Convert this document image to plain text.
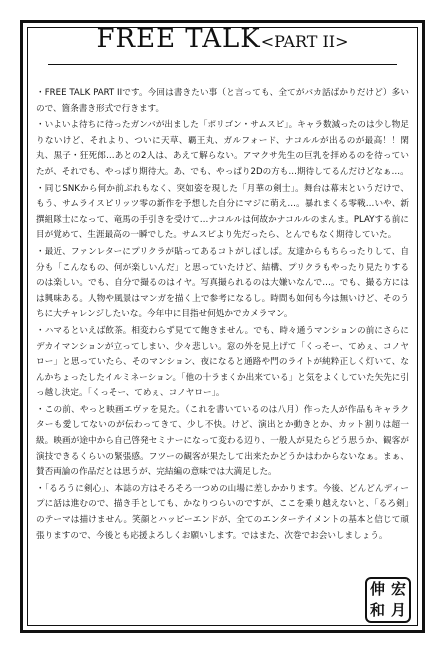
FREE TALK<PART II>

・ FREE TALK PART IIです。今回は書きたい事（と言っても、全てがバカ話ばかりだけど）多いので、箇条書き形式で行きます。

・ いよいよ待ちに待ったガンバが出ました「ポリゴン・サムスピ」。キャラ数減ったのは少し物足りないけど、それより、ついに天草、覇王丸、ガルフォード、ナコルルが出るのが最高！！閑丸、黒子・狂死郎…あとの2人は、あえて解らない。アマクサ先生の巨乳を拝めるのを待っていたが、それでも、やっぱり期待大。あ、でも、やっぱり2Dの方も…期待してるんだけどなぁ…。

・ 同じSNKから何か前ぶれもなく、突如姿を現した「月華の剣士」。舞台は幕末というだけで、もう、サムライスピリッツ零の新作を予想した自分にマジに萌え…。暴れまくる零戦…いや、新撰組隊士になって、竜馬の手引きを受けて…ナコルルは何故かナコルルのまんま。PLAYする前に目が覚めて、生涯最高の一瞬でした。サムスピより先だったら、とんでもなく期待していた。

・ 最近、ファンレターにプリクラが貼ってあるコトがしばしば。友達からもちらったりして、自分も「こんなもの、何が楽しいんだ」と思っていたけど、結構、プリクラもやったり見たりするのは楽しい。でも、自分で撮るのはイヤ。写真撮られるのは大嫌いなんで…。でも、撮る方にはは興味ある。人物や風景はマンガを描く上で参考になるし。時間も如何も今は無いけど、そのうちに大チャレンジしたいな。今年中に目指せ何処かでカメラマン。

・ ハマるといえば飲茶。相変わらず見てて飽きません。でも、時々通うマンションの前にさらにデカイマンションが立ってしまい、少々悲しい。窓の外を見上げて「くっそー、てめぇ、コノヤロー」と思っていたら、そのマンション、夜になると通路や門のライトが純粋正しく灯いて、なんかちょったしたイルミネーション。「他の十ラまくか出来ている」と気をよくしていた矢先に引っ越し決定。「くっそー、てめぇ、コノヤロー」。

・ この前、やっと映画エヴァを見た。（これを書いているのは八月）作った人が作品もキャラクターも愛してないのが伝わってきて、少し不快。けど、演出とか動きとか、カット割りは超一級。映画が途中から自己啓発セミナーになって変わる辺り、一般人が見たらどう思うか、観客が演技できるくらいの緊張感。フツーの観客が果たして出来たかどうかはわからないなぁ。まぁ、賛否両論の作品だとは思うが、完結編の意味では大満足した。

・ 「るろうに剣心」、本誌の方はそろそろ一つめの山場に差しかかります。今後、どんどんディープに話は進むので、描き手としても、かなりつらいのですが、ここを乗り越えないと、「るろ剣」のテーマは描けません。笑顔とハッピーエンドが、全てのエンターテイメントの基本と信じて頑張りますので、今後とも応援よろしくお願いします。ではまた、次巻でお会いしましょう。

伸 宏
和 月
